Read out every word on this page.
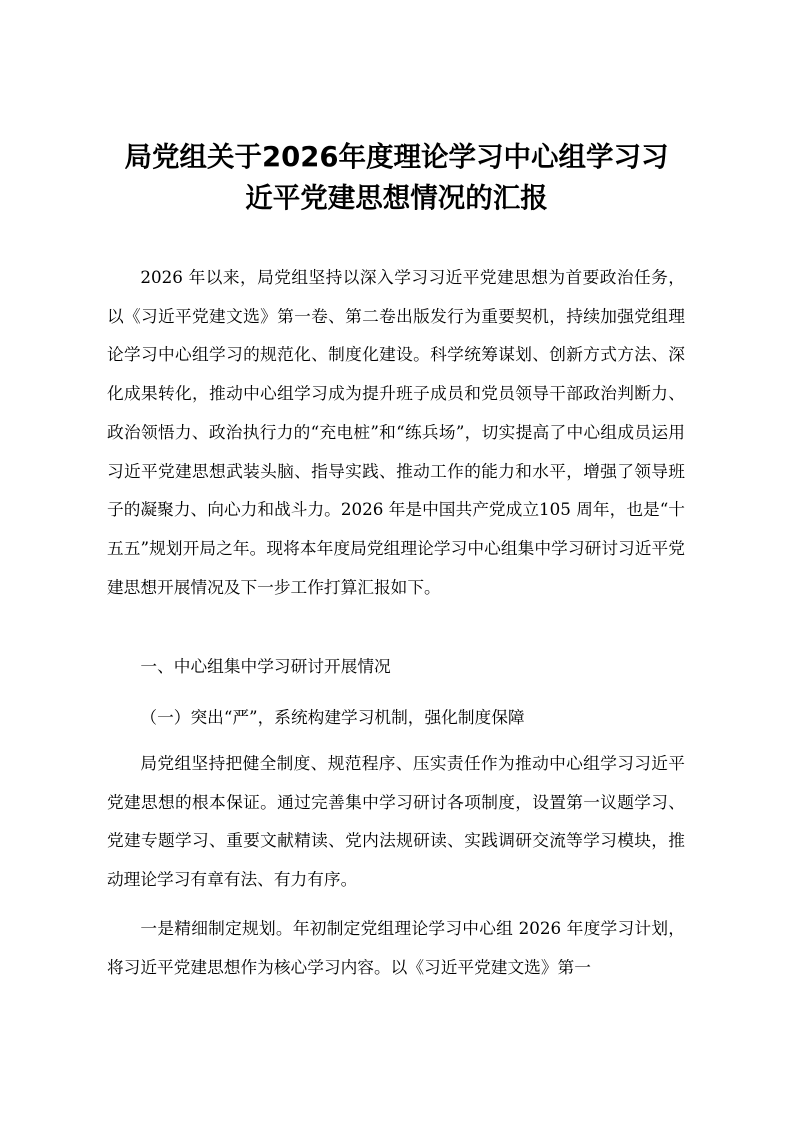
局党组关于2026年度理论学习中心组学习习
近平党建思想情况的汇报

2026 年以来，局党组坚持以深入学习习近平党建思想为首要政治任务，以《习近平党建文选》第一卷、第二卷出版发行为重要契机，持续加强党组理论学习中心组学习的规范化、制度化建设。科学统筹谋划、创新方式方法、深化成果转化，推动中心组学习成为提升班子成员和党员领导干部政治判断力、政治领悟力、政治执行力的“充电桩”和“练兵场”，切实提高了中心组成员运用习近平党建思想武装头脑、指导实践、推动工作的能力和水平，增强了领导班子的凝聚力、向心力和战斗力。2026 年是中国共产党成立105 周年，也是“十五五”规划开局之年。现将本年度局党组理论学习中心组集中学习研讨习近平党建思想开展情况及下一步工作打算汇报如下。

一、中心组集中学习研讨开展情况

（一）突出“严”，系统构建学习机制，强化制度保障

局党组坚持把健全制度、规范程序、压实责任作为推动中心组学习习近平党建思想的根本保证。通过完善集中学习研讨各项制度，设置第一议题学习、党建专题学习、重要文献精读、党内法规研读、实践调研交流等学习模块，推动理论学习有章有法、有力有序。

一是精细制定规划。年初制定党组理论学习中心组 2026 年度学习计划，将习近平党建思想作为核心学习内容。以《习近平党建文选》第一
